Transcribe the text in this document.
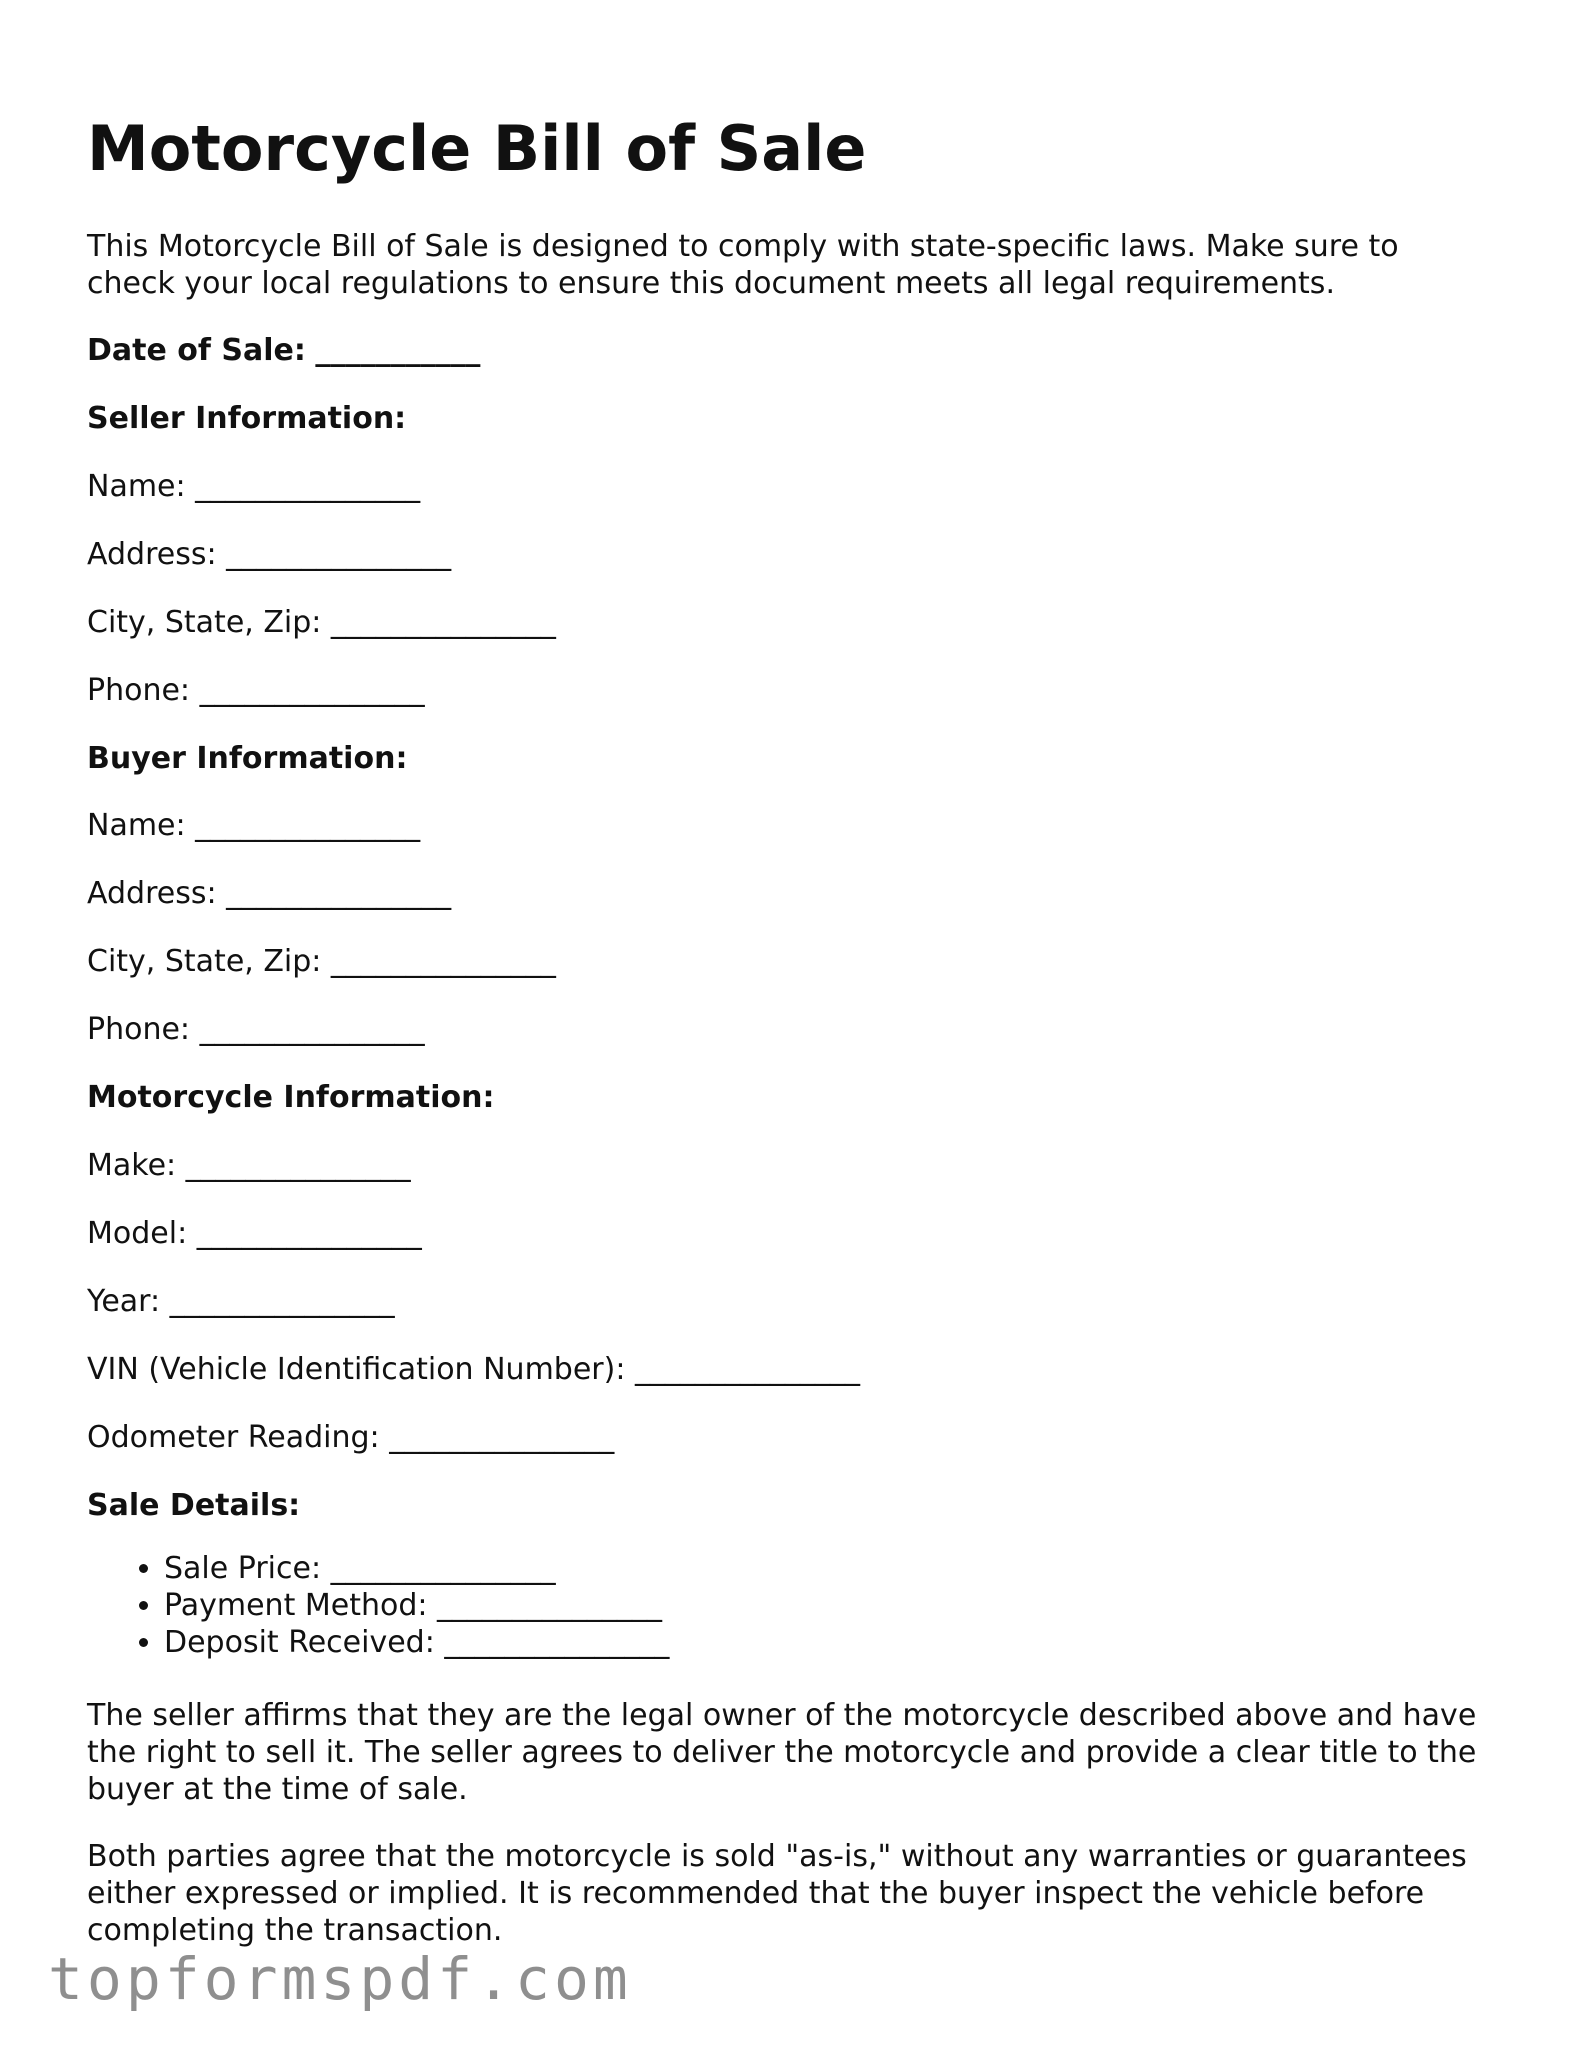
Motorcycle Bill of Sale

This Motorcycle Bill of Sale is designed to comply with state-specific laws. Make sure to check your local regulations to ensure this document meets all legal requirements.

Date of Sale: ___________

Seller Information:

Name: _______________

Address: _______________

City, State, Zip: _______________

Phone: _______________

Buyer Information:

Name: _______________

Address: _______________

City, State, Zip: _______________

Phone: _______________

Motorcycle Information:

Make: _______________

Model: _______________

Year: _______________

VIN (Vehicle Identification Number): _______________

Odometer Reading: _______________

Sale Details:

• Sale Price: _______________
• Payment Method: _______________
• Deposit Received: _______________

The seller affirms that they are the legal owner of the motorcycle described above and have the right to sell it. The seller agrees to deliver the motorcycle and provide a clear title to the buyer at the time of sale.

Both parties agree that the motorcycle is sold "as-is," without any warranties or guarantees either expressed or implied. It is recommended that the buyer inspect the vehicle before completing the transaction.

topformspdf.com
